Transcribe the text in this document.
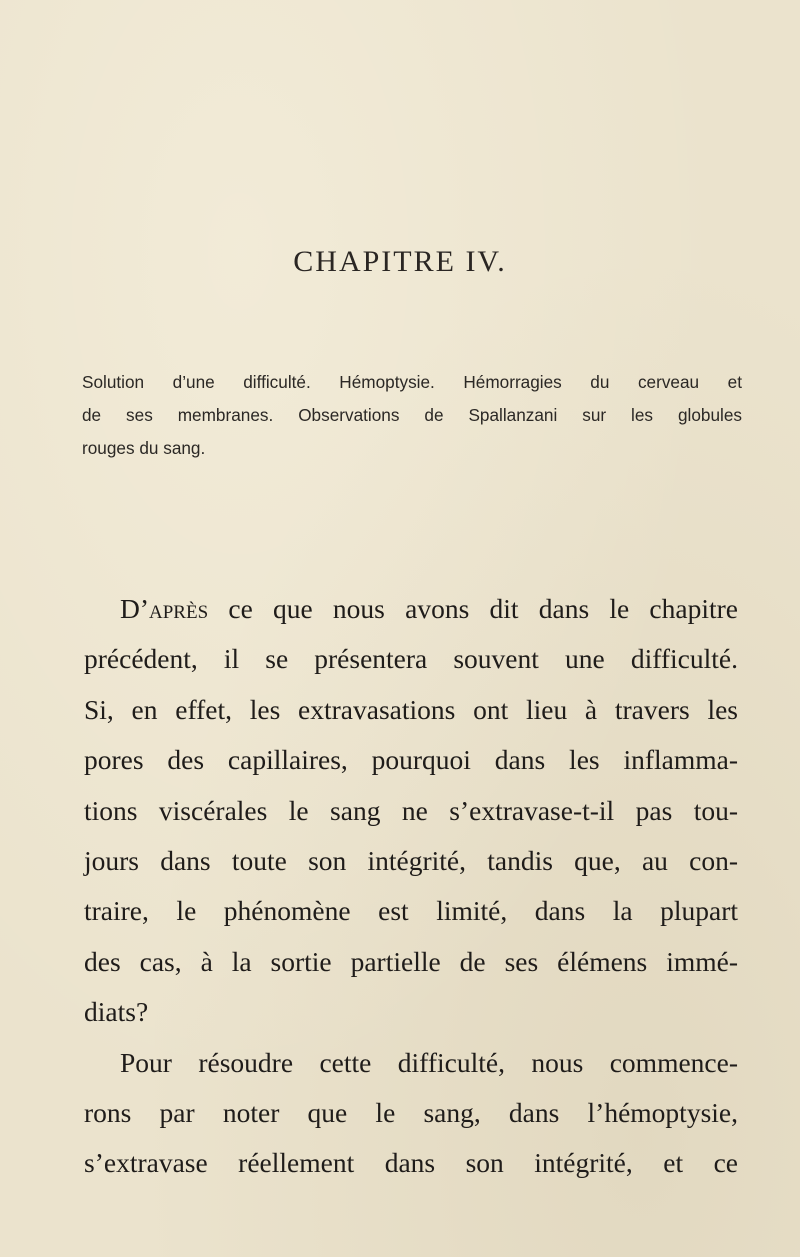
CHAPITRE IV.
Solution d’une difficulté. Hémoptysie. Hémorragies du cerveau et
de ses membranes. Observations de Spallanzani sur les globules
rouges du sang.
D’après ce que nous avons dit dans le chapitre
précédent, il se présentera souvent une difficulté.
Si, en effet, les extravasations ont lieu à travers les
pores des capillaires, pourquoi dans les inflamma-
tions viscérales le sang ne s’extravase-t-il pas tou-
jours dans toute son intégrité, tandis que, au con-
traire, le phénomène est limité, dans la plupart
des cas, à la sortie partielle de ses élémens immé-
diats?
Pour résoudre cette difficulté, nous commence-
rons par noter que le sang, dans l’hémoptysie,
s’extravase réellement dans son intégrité, et ce
